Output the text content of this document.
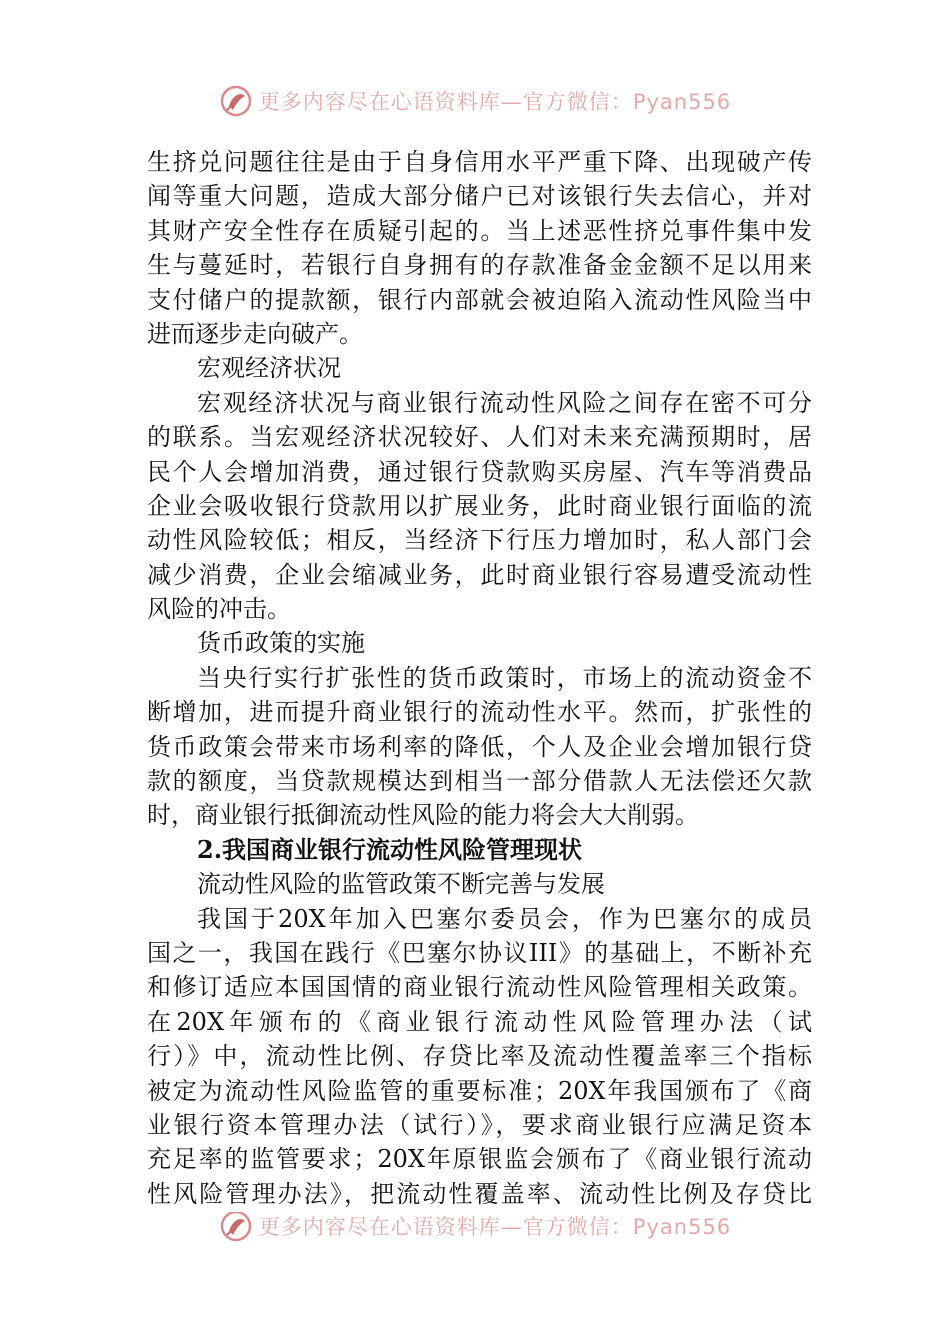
更多内容尽在心语资料库—官方微信：Pyan556
生挤兑问题往往是由于自身信用水平严重下降、出现破产传
闻等重大问题，造成大部分储户已对该银行失去信心，并对
其财产安全性存在质疑引起的。当上述恶性挤兑事件集中发
生与蔓延时，若银行自身拥有的存款准备金金额不足以用来
支付储户的提款额，银行内部就会被迫陷入流动性风险当中
进而逐步走向破产。
宏观经济状况
宏观经济状况与商业银行流动性风险之间存在密不可分
的联系。当宏观经济状况较好、人们对未来充满预期时，居
民个人会增加消费，通过银行贷款购买房屋、汽车等消费品
企业会吸收银行贷款用以扩展业务，此时商业银行面临的流
动性风险较低；相反，当经济下行压力增加时，私人部门会
减少消费，企业会缩减业务，此时商业银行容易遭受流动性
风险的冲击。
货币政策的实施
当央行实行扩张性的货币政策时，市场上的流动资金不
断增加，进而提升商业银行的流动性水平。然而，扩张性的
货币政策会带来市场利率的降低，个人及企业会增加银行贷
款的额度，当贷款规模达到相当一部分借款人无法偿还欠款
时，商业银行抵御流动性风险的能力将会大大削弱。
2.我国商业银行流动性风险管理现状
流动性风险的监管政策不断完善与发展
我国于20X年加入巴塞尔委员会，作为巴塞尔的成员
国之一，我国在践行《巴塞尔协议III》的基础上，不断补充
和修订适应本国国情的商业银行流动性风险管理相关政策。
在20X年颁布的《商业银行流动性风险管理办法（试
行）》中，流动性比例、存贷比率及流动性覆盖率三个指标
被定为流动性风险监管的重要标准；20X年我国颁布了《商
业银行资本管理办法（试行）》，要求商业银行应满足资本
充足率的监管要求；20X年原银监会颁布了《商业银行流动
性风险管理办法》，把流动性覆盖率、流动性比例及存贷比
更多内容尽在心语资料库—官方微信：Pyan556
